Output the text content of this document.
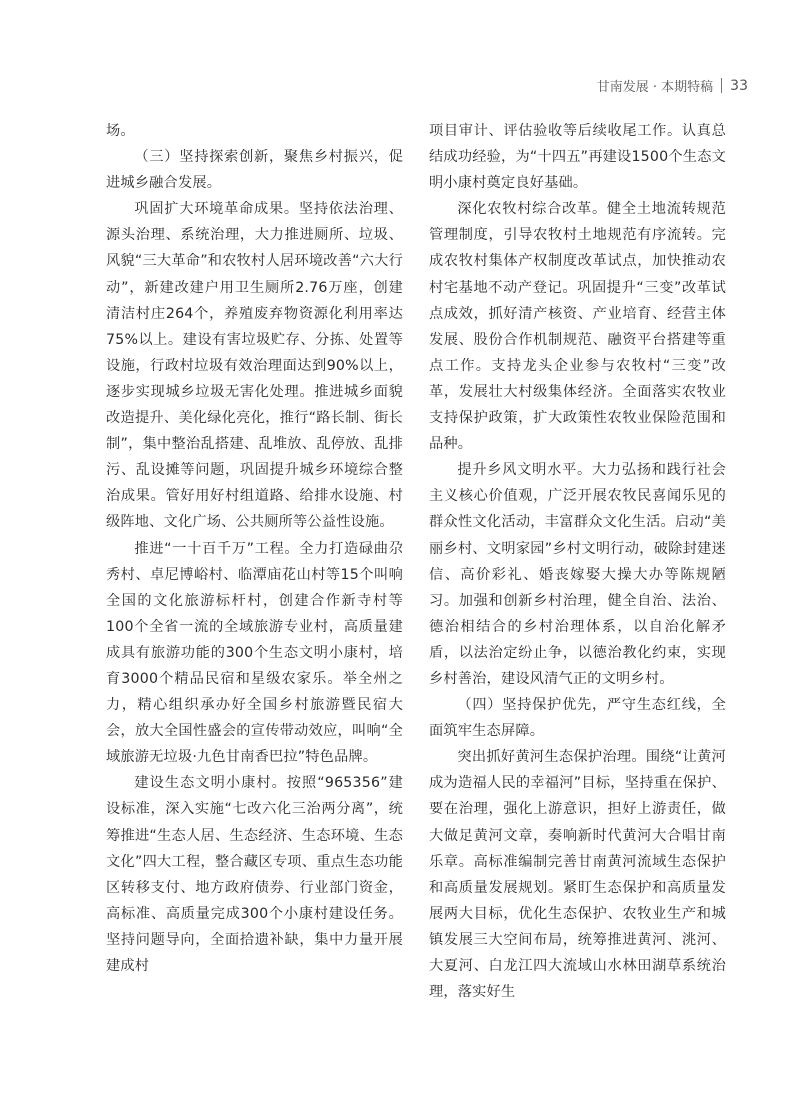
甘南发展 · 本期特稿 33

场。

（三）坚持探索创新，聚焦乡村振兴，促进城乡融合发展。

巩固扩大环境革命成果。坚持依法治理、源头治理、系统治理，大力推进厕所、垃圾、风貌“三大革命”和农牧村人居环境改善“六大行动”，新建改建户用卫生厕所2.76万座，创建清洁村庄264个，养殖废弃物资源化利用率达75%以上。建设有害垃圾贮存、分拣、处置等设施，行政村垃圾有效治理面达到90%以上，逐步实现城乡垃圾无害化处理。推进城乡面貌改造提升、美化绿化亮化，推行“路长制、街长制”，集中整治乱搭建、乱堆放、乱停放、乱排污、乱设摊等问题，巩固提升城乡环境综合整治成果。管好用好村组道路、给排水设施、村级阵地、文化广场、公共厕所等公益性设施。

推进“一十百千万”工程。全力打造碌曲尕秀村、卓尼博峪村、临潭庙花山村等15个叫响全国的文化旅游标杆村，创建合作新寺村等100个全省一流的全域旅游专业村，高质量建成具有旅游功能的300个生态文明小康村，培育3000个精品民宿和星级农家乐。举全州之力，精心组织承办好全国乡村旅游暨民宿大会，放大全国性盛会的宣传带动效应，叫响“全域旅游无垃圾·九色甘南香巴拉”特色品牌。

建设生态文明小康村。按照“965356”建设标准，深入实施“七改六化三治两分离”，统筹推进“生态人居、生态经济、生态环境、生态文化”四大工程，整合藏区专项、重点生态功能区转移支付、地方政府债券、行业部门资金，高标准、高质量完成300个小康村建设任务。坚持问题导向，全面拾遗补缺，集中力量开展建成村

项目审计、评估验收等后续收尾工作。认真总结成功经验，为“十四五”再建设1500个生态文明小康村奠定良好基础。

深化农牧村综合改革。健全土地流转规范管理制度，引导农牧村土地规范有序流转。完成农牧村集体产权制度改革试点，加快推动农村宅基地不动产登记。巩固提升“三变”改革试点成效，抓好清产核资、产业培育、经营主体发展、股份合作机制规范、融资平台搭建等重点工作。支持龙头企业参与农牧村“三变”改革，发展壮大村级集体经济。全面落实农牧业支持保护政策，扩大政策性农牧业保险范围和品种。

提升乡风文明水平。大力弘扬和践行社会主义核心价值观，广泛开展农牧民喜闻乐见的群众性文化活动，丰富群众文化生活。启动“美丽乡村、文明家园”乡村文明行动，破除封建迷信、高价彩礼、婚丧嫁娶大操大办等陈规陋习。加强和创新乡村治理，健全自治、法治、德治相结合的乡村治理体系，以自治化解矛盾，以法治定纷止争，以德治教化约束，实现乡村善治，建设风清气正的文明乡村。

（四）坚持保护优先，严守生态红线，全面筑牢生态屏障。

突出抓好黄河生态保护治理。围绕“让黄河成为造福人民的幸福河”目标，坚持重在保护、要在治理，强化上游意识，担好上游责任，做大做足黄河文章，奏响新时代黄河大合唱甘南乐章。高标准编制完善甘南黄河流域生态保护和高质量发展规划。紧盯生态保护和高质量发展两大目标，优化生态保护、农牧业生产和城镇发展三大空间布局，统筹推进黄河、洮河、大夏河、白龙江四大流域山水林田湖草系统治理，落实好生
